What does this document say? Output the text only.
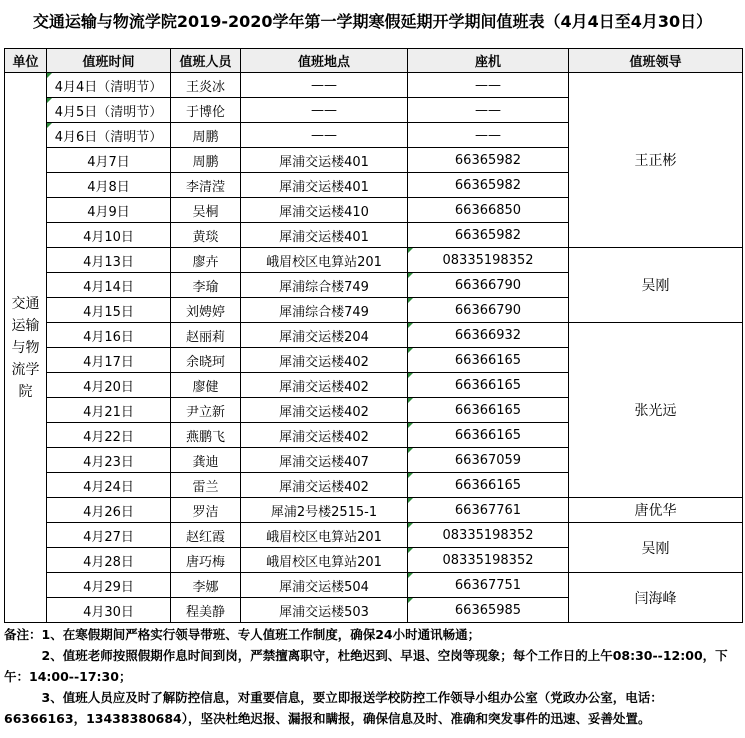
交通运输与物流学院2019-2020学年第一学期寒假延期开学期间值班表（4月4日至4月30日）
单位	值班时间	值班人员	值班地点	座机	值班领导
交通运输与物流学院	4月4日（清明节）	王炎冰	——	——	王正彬
	4月5日（清明节）	于博伦	——	——	
	4月6日（清明节）	周鹏	——	——	
	4月7日	周鹏	犀浦交运楼401	66365982	
	4月8日	李清滢	犀浦交运楼401	66365982	
	4月9日	吴桐	犀浦交运楼410	66366850	
	4月10日	黄琰	犀浦交运楼401	66365982	
	4月13日	廖卉	峨眉校区电算站201	08335198352	吴刚
	4月14日	李瑜	犀浦综合楼749	66366790	
	4月15日	刘娉婷	犀浦综合楼749	66366790	
	4月16日	赵丽莉	犀浦交运楼204	66366932	张光远
	4月17日	余晓珂	犀浦交运楼402	66366165	
	4月20日	廖健	犀浦交运楼402	66366165	
	4月21日	尹立新	犀浦交运楼402	66366165	
	4月22日	燕鹏飞	犀浦交运楼402	66366165	
	4月23日	龚迪	犀浦交运楼407	66367059	
	4月24日	雷兰	犀浦交运楼402	66366165	
	4月26日	罗洁	犀浦2号楼2515-1	66367761	唐优华
	4月27日	赵红霞	峨眉校区电算站201	08335198352	吴刚
	4月28日	唐巧梅	峨眉校区电算站201	08335198352	
	4月29日	李娜	犀浦交运楼504	66367751	闫海峰
	4月30日	程美静	犀浦交运楼503	66365985	

备注：1、在寒假期间严格实行领导带班、专人值班工作制度，确保24小时通讯畅通；

2、值班老师按照假期作息时间到岗，严禁擅离职守，杜绝迟到、早退、空岗等现象；每个工作日的上午08:30--12:00，下午：14:00--17:30；

3、值班人员应及时了解防控信息，对重要信息，要立即报送学校防控工作领导小组办公室（党政办公室，电话：66366163，13438380684），坚决杜绝迟报、漏报和瞒报，确保信息及时、准确和突发事件的迅速、妥善处置。
